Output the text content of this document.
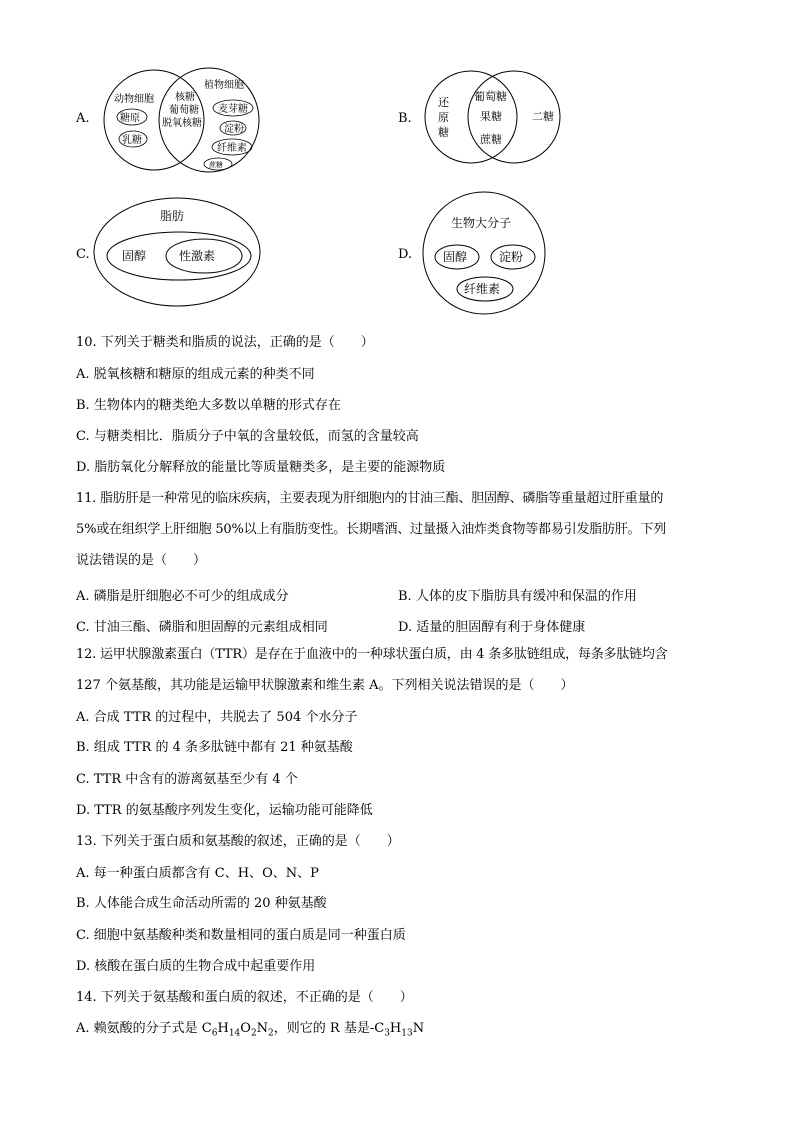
A.
动物细胞
糖原
乳糖
核糖
葡萄糖
脱氧核糖
植物细胞
麦芽糖
淀粉
纤维素
蔗糖
B.
还
原
糖
葡萄糖
果糖
蔗糖
二糖
C.
脂肪
固醇	性激素	D.
生物大分子
固醇	淀粉
纤维素
10. 下列关于糖类和脂质的说法，正确的是（　　）
A. 脱氧核糖和糖原的组成元素的种类不同
B. 生物体内的糖类绝大多数以单糖的形式存在
C. 与糖类相比．脂质分子中氧的含量较低，而氢的含量较高
D. 脂肪氧化分解释放的能量比等质量糖类多，是主要的能源物质
11. 脂肪肝是一种常见的临床疾病，主要表现为肝细胞内的甘油三酯、胆固醇、磷脂等重量超过肝重量的
5%或在组织学上肝细胞 50%以上有脂肪变性。长期嗜酒、过量摄入油炸类食物等都易引发脂肪肝。下列
说法错误的是（　　）
A. 磷脂是肝细胞必不可少的组成成分	B. 人体的皮下脂肪具有缓冲和保温的作用
C. 甘油三酯、磷脂和胆固醇的元素组成相同	D. 适量的胆固醇有利于身体健康
12. 运甲状腺激素蛋白（TTR）是存在于血液中的一种球状蛋白质，由 4 条多肽链组成，每条多肽链均含
127 个氨基酸，其功能是运输甲状腺激素和维生素 A。下列相关说法错误的是（　　）
A. 合成 TTR 的过程中，共脱去了 504 个水分子
B. 组成 TTR 的 4 条多肽链中都有 21 种氨基酸
C. TTR 中含有的游离氨基至少有 4 个
D. TTR 的氨基酸序列发生变化，运输功能可能降低
13. 下列关于蛋白质和氨基酸的叙述，正确的是（　　）
A. 每一种蛋白质都含有 C、H、O、N、P
B. 人体能合成生命活动所需的 20 种氨基酸
C. 细胞中氨基酸种类和数量相同的蛋白质是同一种蛋白质
D. 核酸在蛋白质的生物合成中起重要作用
14. 下列关于氨基酸和蛋白质的叙述，不正确的是（　　）
A. 赖氨酸的分子式是 $C_6H_{14}O_2N_2$，则它的 R 基是$-C_3H_{13}N$
